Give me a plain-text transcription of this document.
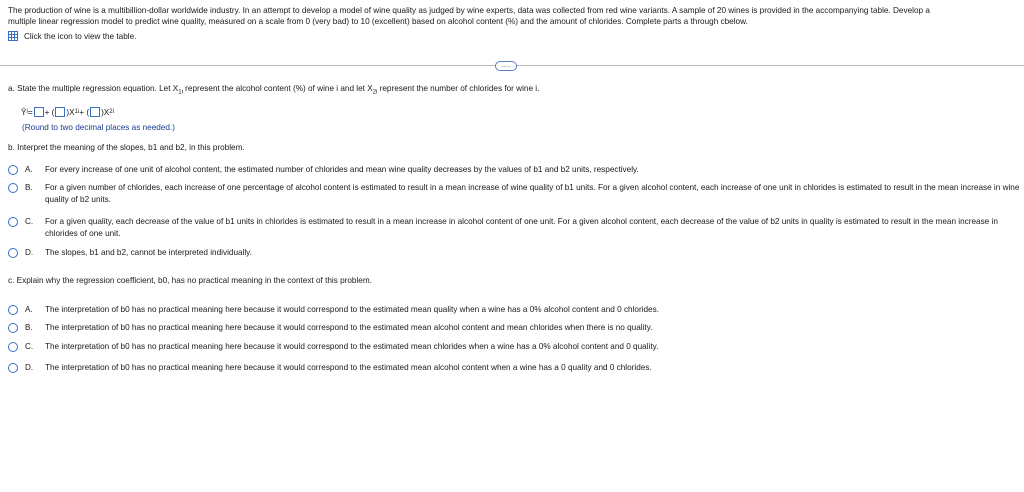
The production of wine is a multibillion-dollar worldwide industry. In an attempt to develop a model of wine quality as judged by wine experts, data was collected from red wine variants. A sample of 20 wines is provided in the accompanying table. Develop a
multiple linear regression model to predict wine quality, measured on a scale from 0 (very bad) to 10 (excellent) based on alcohol content (%) and the amount of chlorides. Complete parts a through cbelow.
Click the icon to view the table.
.....
a. State the multiple regression equation. Let $X_{1i}$ represent the alcohol content (%) of wine i and let $X_{2i}$ represent the number of chlorides for wine i.
Ŷ i = + ( )X 1i + ( )X 2i
(Round to two decimal places as needed.)
b. Interpret the meaning of the slopes, b1 and b2, in this problem.
A.	For every increase of one unit of alcohol content, the estimated number of chlorides and mean wine quality decreases by the values of b1 and b2 units, respectively.
B.	For a given number of chlorides, each increase of one percentage of alcohol content is estimated to result in a mean increase of wine quality of b1 units. For a given alcohol content, each increase of one unit in chlorides is estimated to result in the mean increase in wine quality of b2 units.
C.	For a given quality, each decrease of the value of b1 units in chlorides is estimated to result in a mean increase in alcohol content of one unit. For a given alcohol content, each decrease of the value of b2 units in quality is estimated to result in the mean increase in chlorides of one unit.
D.	The slopes, b1 and b2, cannot be interpreted individually.
c. Explain why the regression coefficient, b0, has no practical meaning in the context of this problem.
A.	The interpretation of b0 has no practical meaning here because it would correspond to the estimated mean quality when a wine has a 0% alcohol content and 0 chlorides.
B.	The interpretation of b0 has no practical meaning here because it would correspond to the estimated mean alcohol content and mean chlorides when there is no quality.
C.	The interpretation of b0 has no practical meaning here because it would correspond to the estimated mean chlorides when a wine has a 0% alcohol content and 0 quality.
D.	The interpretation of b0 has no practical meaning here because it would correspond to the estimated mean alcohol content when a wine has a 0 quality and 0 chlorides.
